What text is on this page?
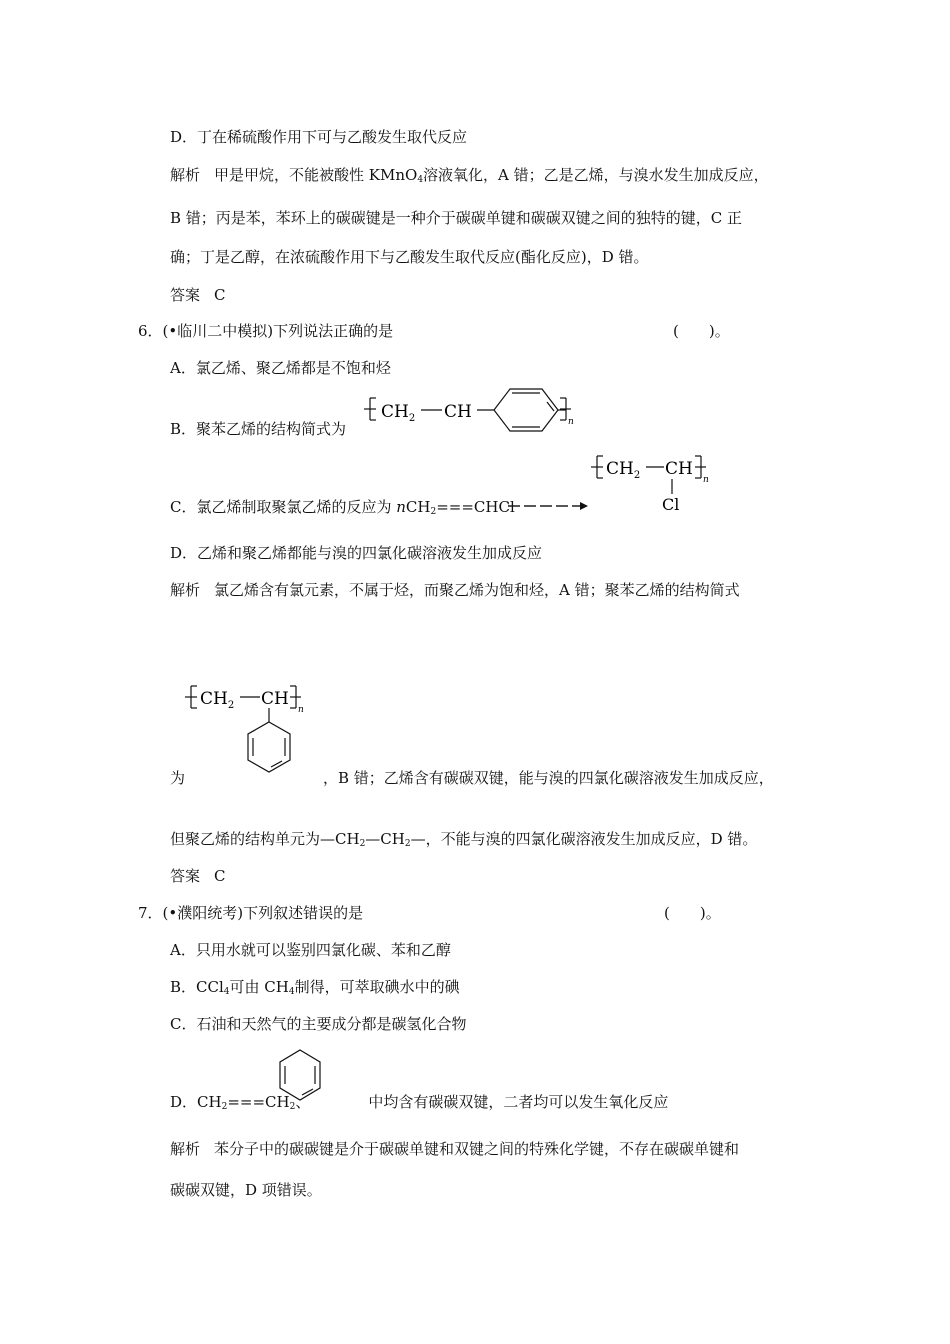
D．丁在稀硫酸作用下可与乙酸发生取代反应
解析 甲是甲烷，不能被酸性 KMnO$_4$溶液氧化，A 错；乙是乙烯，与溴水发生加成反应，
B 错；丙是苯，苯环上的碳碳键是一种介于碳碳单键和碳碳双键之间的独特的键，C 正
确；丁是乙醇，在浓硫酸作用下与乙酸发生取代反应(酯化反应)，D 错。
答案 C
6．(•临川二中模拟)下列说法正确的是	(　　)。
A．氯乙烯、聚乙烯都是不饱和烃
B．聚苯乙烯的结构简式为
$CH_2$ CH	n
$CH_2$ CH
n
Cl
C．氯乙烯制取聚氯乙烯的反应为 nCH$_2$===CHCl
D．乙烯和聚乙烯都能与溴的四氯化碳溶液发生加成反应
解析 氯乙烯含有氯元素，不属于烃，而聚乙烯为饱和烃，A 错；聚苯乙烯的结构简式
$CH_2$ CH
n
为	，B 错；乙烯含有碳碳双键，能与溴的四氯化碳溶液发生加成反应，
但聚乙烯的结构单元为$—CH_2—CH_2—$，不能与溴的四氯化碳溶液发生加成反应，D 错。
答案 C
7．(•濮阳统考)下列叙述错误的是	(　　)。
A．只用水就可以鉴别四氯化碳、苯和乙醇
B．CCl$_4$可由 $CH_4$制得，可萃取碘水中的碘
C．石油和天然气的主要成分都是碳氢化合物
D．$CH_2===CH_2$、	中均含有碳碳双键，二者均可以发生氧化反应
解析 苯分子中的碳碳键是介于碳碳单键和双键之间的特殊化学键，不存在碳碳单键和
碳碳双键，D 项错误。
